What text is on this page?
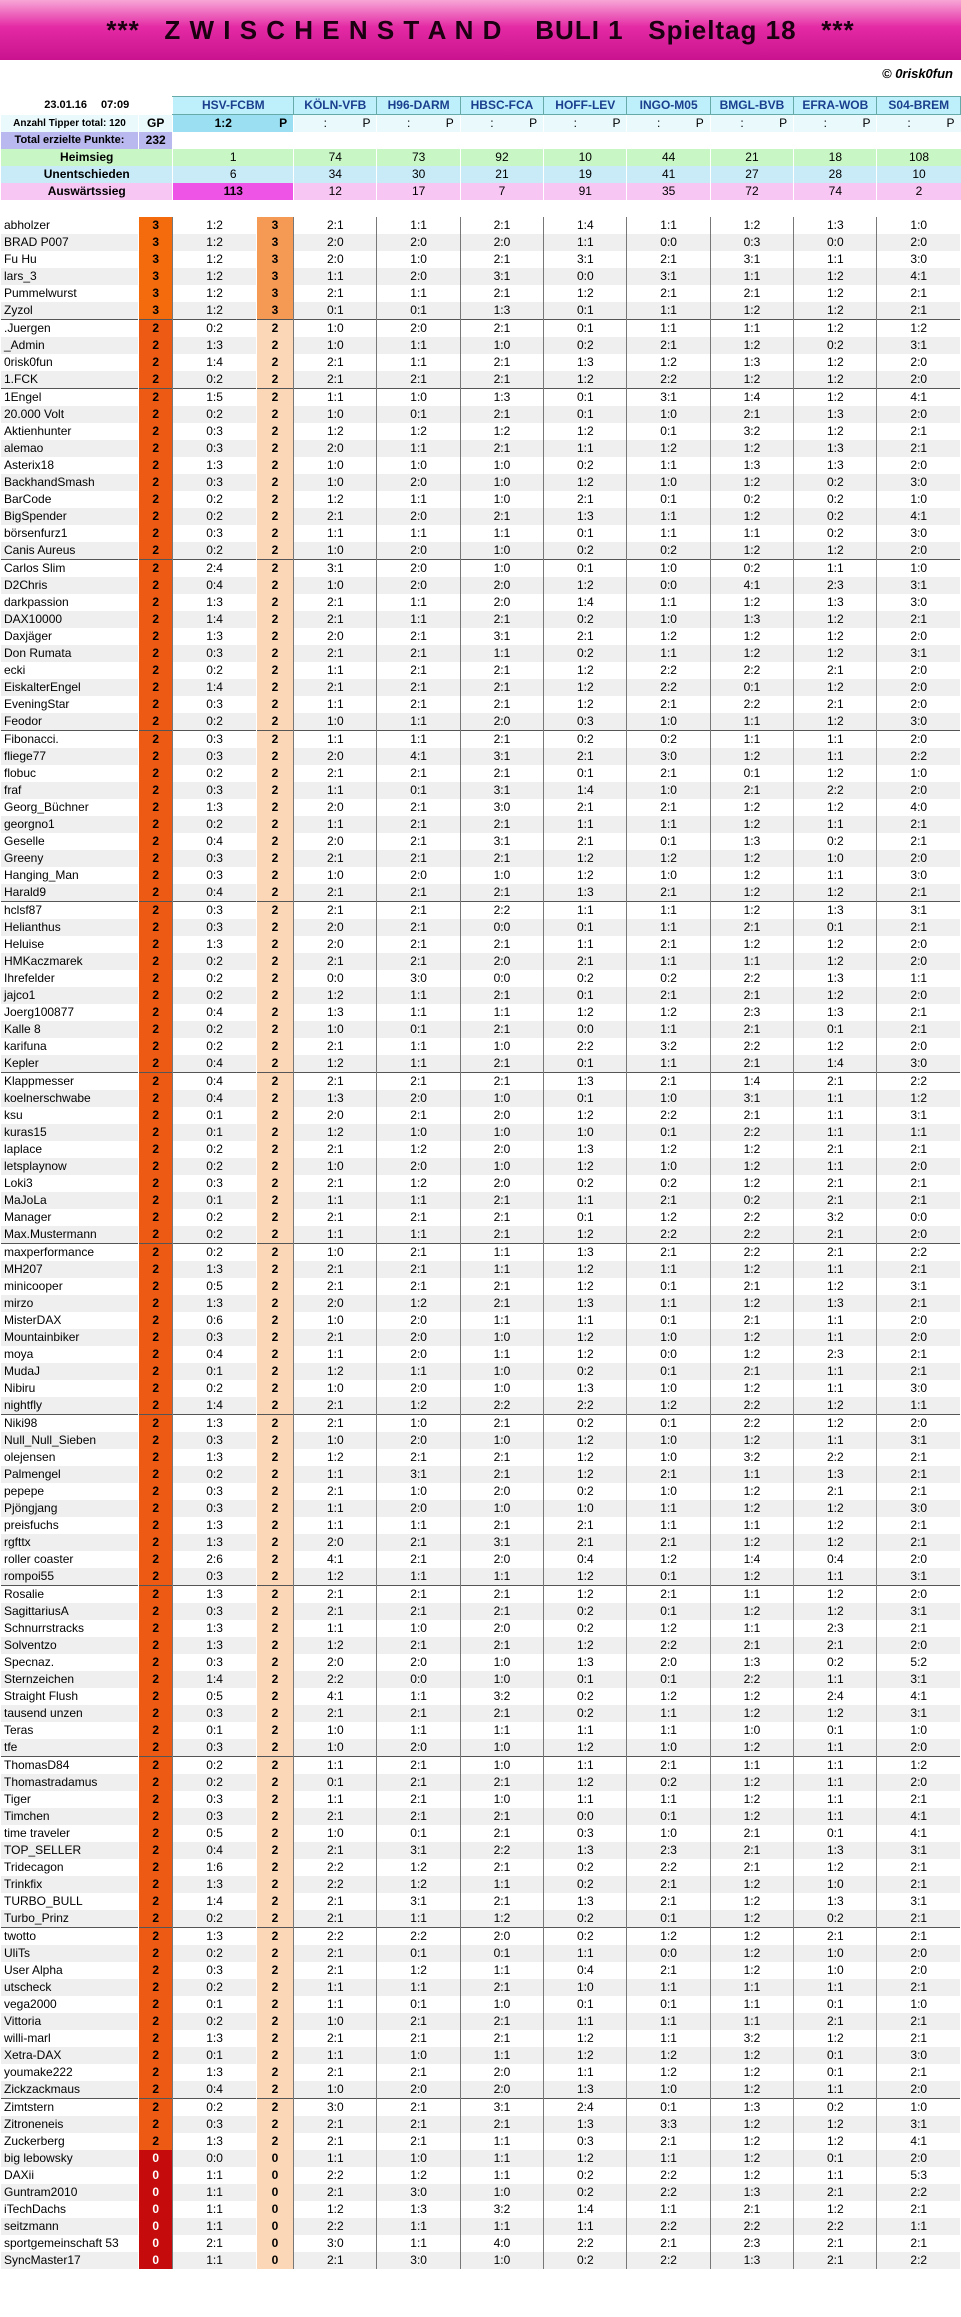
***   Z W I S C H E N S T A N D    BULI 1   Spieltag 18   ***
© 0risk0fun
23.01.16 07:09		HSV-FCBM		KÖLN-VFB	H96-DARM	HBSC-FCA	HOFF-LEV	INGO-M05	BMGL-BVB	EFRA-WOB	S04-BREM	
Anzahl Tipper total: 120	GP	1:2 P		: P	: P	: P	: P	: P	: P	: P	: P	

Total erzielte Punkte:	232											
Heimsieg		1		74	73	92	10	44	21	18	108	
Unentschieden		6		34	30	21	19	41	27	28	10	
Auswärtssieg		113		12	17	7	91	35	72	74	2	

abholzer	3	1:2	3	2:1		1:1		2:1		1:4		1:1		1:2		1:3		1:0	
BRAD P007	3	1:2	3	2:0		2:0		2:0		1:1		0:0		0:3		0:0		2:0	
Fu Hu	3	1:2	3	2:0		1:0		2:1		3:1		2:1		3:1		1:1		3:0	
lars_3	3	1:2	3	1:1		2:0		3:1		0:0		3:1		1:1		1:2		4:1	
Pummelwurst	3	1:2	3	2:1		1:1		2:1		1:2		2:1		2:1		1:2		2:1	
Zyzol	3	1:2	3	0:1		0:1		1:3		0:1		1:1		1:2		1:2		2:1	
.Juergen	2	0:2	2	1:0		2:0		2:1		0:1		1:1		1:1		1:2		1:2	
_Admin	2	1:3	2	1:0		1:1		1:0		0:2		2:1		1:2		0:2		3:1	
0risk0fun	2	1:4	2	2:1		1:1		2:1		1:3		1:2		1:3		1:2		2:0	
1.FCK	2	0:2	2	2:1		2:1		2:1		1:2		2:2		1:2		1:2		2:0	
1Engel	2	1:5	2	1:1		1:0		1:3		0:1		3:1		1:4		1:2		4:1	
20.000 Volt	2	0:2	2	1:0		0:1		2:1		0:1		1:0		2:1		1:3		2:0	
Aktienhunter	2	0:3	2	1:2		1:2		1:2		1:2		0:1		3:2		1:2		2:1	
alemao	2	0:3	2	2:0		1:1		2:1		1:1		1:2		1:2		1:3		2:1	
Asterix18	2	1:3	2	1:0		1:0		1:0		0:2		1:1		1:3		1:3		2:0	
BackhandSmash	2	0:3	2	1:0		2:0		1:0		1:2		1:0		1:2		0:2		3:0	
BarCode	2	0:2	2	1:2		1:1		1:0		2:1		0:1		0:2		0:2		1:0	
BigSpender	2	0:2	2	2:1		2:0		2:1		1:3		1:1		1:2		0:2		4:1	
börsenfurz1	2	0:3	2	1:1		1:1		1:1		0:1		1:1		1:1		0:2		3:0	
Canis Aureus	2	0:2	2	1:0		2:0		1:0		0:2		0:2		1:2		1:2		2:0	
Carlos Slim	2	2:4	2	3:1		2:0		1:0		0:1		1:0		0:2		1:1		1:0	
D2Chris	2	0:4	2	1:0		2:0		2:0		1:2		0:0		4:1		2:3		3:1	
darkpassion	2	1:3	2	2:1		1:1		2:0		1:4		1:1		1:2		1:3		3:0	
DAX10000	2	1:4	2	2:1		1:1		2:1		0:2		1:0		1:3		1:2		2:1	
Daxjäger	2	1:3	2	2:0		2:1		3:1		2:1		1:2		1:2		1:2		2:0	
Don Rumata	2	0:3	2	2:1		2:1		1:1		0:2		1:1		1:2		1:2		3:1	
ecki	2	0:2	2	1:1		2:1		2:1		1:2		2:2		2:2		2:1		2:0	
EiskalterEngel	2	1:4	2	2:1		2:1		2:1		1:2		2:2		0:1		1:2		2:0	
EveningStar	2	0:3	2	1:1		2:1		2:1		1:2		2:1		2:2		2:1		2:0	
Feodor	2	0:2	2	1:0		1:1		2:0		0:3		1:0		1:1		1:2		3:0	
Fibonacci.	2	0:3	2	1:1		1:1		2:1		0:2		0:2		1:1		1:1		2:0	
fliege77	2	0:3	2	2:0		4:1		3:1		2:1		3:0		1:2		1:1		2:2	
flobuc	2	0:2	2	2:1		2:1		2:1		0:1		2:1		0:1		1:2		1:0	
fraf	2	0:3	2	1:1		0:1		3:1		1:4		1:0		2:1		2:2		2:0	
Georg_Büchner	2	1:3	2	2:0		2:1		3:0		2:1		2:1		1:2		1:2		4:0	
georgno1	2	0:2	2	1:1		2:1		2:1		1:1		1:1		1:2		1:1		2:1	
Geselle	2	0:4	2	2:0		2:1		3:1		2:1		0:1		1:3		0:2		2:1	
Greeny	2	0:3	2	2:1		2:1		2:1		1:2		1:2		1:2		1:0		2:0	
Hanging_Man	2	0:3	2	1:0		2:0		1:0		1:2		1:0		1:2		1:1		3:0	
Harald9	2	0:4	2	2:1		2:1		2:1		1:3		2:1		1:2		1:2		2:1	
hclsf87	2	0:3	2	2:1		2:1		2:2		1:1		1:1		1:2		1:3		3:1	
Helianthus	2	0:3	2	2:0		2:1		0:0		0:1		1:1		2:1		0:1		2:1	
Heluise	2	1:3	2	2:0		2:1		2:1		1:1		2:1		1:2		1:2		2:0	
HMKaczmarek	2	0:2	2	2:1		2:1		2:0		2:1		1:1		1:1		1:2		2:0	
Ihrefelder	2	0:2	2	0:0		3:0		0:0		0:2		0:2		2:2		1:3		1:1	
jajco1	2	0:2	2	1:2		1:1		2:1		0:1		2:1		2:1		1:2		2:0	
Joerg100877	2	0:4	2	1:3		1:1		1:1		1:2		1:2		2:3		1:3		2:1	
Kalle 8	2	0:2	2	1:0		0:1		2:1		0:0		1:1		2:1		0:1		2:1	
karifuna	2	0:2	2	2:1		1:1		1:0		2:2		3:2		2:2		1:2		2:0	
Kepler	2	0:4	2	1:2		1:1		2:1		0:1		1:1		2:1		1:4		3:0	
Klappmesser	2	0:4	2	2:1		2:1		2:1		1:3		2:1		1:4		2:1		2:2	
koelnerschwabe	2	0:4	2	1:3		2:0		1:0		0:1		1:0		3:1		1:1		1:2	
ksu	2	0:1	2	2:0		2:1		2:0		1:2		2:2		2:1		1:1		3:1	
kuras15	2	0:1	2	1:2		1:0		1:0		1:0		0:1		2:2		1:1		1:1	
laplace	2	0:2	2	2:1		1:2		2:0		1:3		1:2		1:2		2:1		2:1	
letsplaynow	2	0:2	2	1:0		2:0		1:0		1:2		1:0		1:2		1:1		2:0	
Loki3	2	0:3	2	2:1		1:2		2:0		0:2		0:2		1:2		2:1		2:1	
MaJoLa	2	0:1	2	1:1		1:1		2:1		1:1		2:1		0:2		2:1		2:1	
Manager	2	0:2	2	2:1		2:1		2:1		0:1		1:2		2:2		3:2		0:0	
Max.Mustermann	2	0:2	2	1:1		1:1		2:1		1:2		2:2		2:2		2:1		2:0	
maxperformance	2	0:2	2	1:0		2:1		1:1		1:3		2:1		2:2		2:1		2:2	
MH207	2	1:3	2	2:1		2:1		1:1		1:2		1:1		1:2		1:1		2:1	
minicooper	2	0:5	2	2:1		2:1		2:1		1:2		0:1		2:1		1:2		3:1	
mirzo	2	1:3	2	2:0		1:2		2:1		1:3		1:1		1:2		1:3		2:1	
MisterDAX	2	0:6	2	1:0		2:0		1:1		1:1		0:1		2:1		1:1		2:0	
Mountainbiker	2	0:3	2	2:1		2:0		1:0		1:2		1:0		1:2		1:1		2:0	
moya	2	0:4	2	1:1		2:0		1:1		1:2		0:0		1:2		2:3		2:1	
MudaJ	2	0:1	2	1:2		1:1		1:0		0:2		0:1		2:1		1:1		2:1	
Nibiru	2	0:2	2	1:0		2:0		1:0		1:3		1:0		1:2		1:1		3:0	
nightfly	2	1:4	2	2:1		1:2		2:2		2:2		1:2		2:2		1:2		1:1	
Niki98	2	1:3	2	2:1		1:0		2:1		0:2		0:1		2:2		1:2		2:0	
Null_Null_Sieben	2	0:3	2	1:0		2:0		1:0		1:2		1:0		1:2		1:1		3:1	
olejensen	2	1:3	2	1:2		2:1		2:1		1:2		1:0		3:2		2:2		2:1	
Palmengel	2	0:2	2	1:1		3:1		2:1		1:2		2:1		1:1		1:3		2:1	
pepepe	2	0:3	2	2:1		1:0		2:0		0:2		1:0		1:2		2:1		2:1	
Pjöngjang	2	0:3	2	1:1		2:0		1:0		1:0		1:1		1:2		1:2		3:0	
preisfuchs	2	1:3	2	1:1		1:1		2:1		2:1		1:1		1:1		1:2		2:1	
rgfttx	2	1:3	2	2:0		2:1		3:1		2:1		2:1		1:2		1:2		2:1	
roller coaster	2	2:6	2	4:1		2:1		2:0		0:4		1:2		1:4		0:4		2:0	
rompoi55	2	0:3	2	1:2		1:1		1:1		1:2		0:1		1:2		1:1		3:1	
Rosalie	2	1:3	2	2:1		2:1		2:1		1:2		2:1		1:1		1:2		2:0	
SagittariusA	2	0:3	2	2:1		2:1		2:1		0:2		0:1		1:2		1:2		3:1	
Schnurrstracks	2	1:3	2	1:1		1:0		2:0		0:2		1:2		1:1		2:3		2:1	
Solventzo	2	1:3	2	1:2		2:1		2:1		1:2		2:2		2:1		2:1		2:0	
Specnaz.	2	0:3	2	2:0		2:0		1:0		1:3		2:0		1:3		0:2		5:2	
Sternzeichen	2	1:4	2	2:2		0:0		1:0		0:1		0:1		2:2		1:1		3:1	
Straight Flush	2	0:5	2	4:1		1:1		3:2		0:2		1:2		1:2		2:4		4:1	
tausend unzen	2	0:3	2	2:1		2:1		2:1		0:2		1:1		1:2		1:2		3:1	
Teras	2	0:1	2	1:0		1:1		1:1		1:1		1:1		1:0		0:1		1:0	
tfe	2	0:3	2	1:0		2:0		1:0		1:2		1:0		1:2		1:1		2:0	
ThomasD84	2	0:2	2	1:1		2:1		1:0		1:1		2:1		1:1		1:1		1:2	
Thomastradamus	2	0:2	2	0:1		2:1		2:1		1:2		0:2		1:2		1:1		2:0	
Tiger	2	0:3	2	1:1		2:1		1:0		1:1		1:1		1:2		1:1		2:1	
Timchen	2	0:3	2	2:1		2:1		2:1		0:0		0:1		1:2		1:1		4:1	
time traveler	2	0:5	2	1:0		0:1		2:1		0:3		1:0		2:1		0:1		4:1	
TOP_SELLER	2	0:4	2	2:1		3:1		2:2		1:3		2:3		2:1		1:3		3:1	
Tridecagon	2	1:6	2	2:2		1:2		2:1		0:2		2:2		2:1		1:2		2:1	
Trinkfix	2	1:3	2	2:2		1:2		1:1		0:2		2:1		1:2		1:0		2:1	
TURBO_BULL	2	1:4	2	2:1		3:1		2:1		1:3		2:1		1:2		1:3		3:1	
Turbo_Prinz	2	0:2	2	2:1		1:1		1:2		0:2		0:1		1:2		0:2		2:1	
twotto	2	1:3	2	2:2		2:2		2:0		0:2		1:2		1:2		2:1		2:1	
UliTs	2	0:2	2	2:1		0:1		0:1		1:1		0:0		1:2		1:0		2:0	
User Alpha	2	0:3	2	2:1		1:2		1:1		0:4		2:1		1:2		1:0		2:0	
utscheck	2	0:2	2	1:1		1:1		2:1		1:0		1:1		1:1		1:1		2:1	
vega2000	2	0:1	2	1:1		0:1		1:0		0:1		0:1		1:1		0:1		1:0	
Vittoria	2	0:2	2	1:0		2:1		2:1		1:1		1:1		1:1		2:1		2:1	
willi-marl	2	1:3	2	2:1		2:1		2:1		1:2		1:1		3:2		1:2		2:1	
Xetra-DAX	2	0:1	2	1:1		1:0		1:1		1:2		1:2		1:2		0:1		3:0	
youmake222	2	1:3	2	2:1		2:1		2:0		1:1		1:2		1:2		0:1		2:1	
Zickzackmaus	2	0:4	2	1:0		2:0		2:0		1:3		1:0		1:2		1:1		2:0	
Zimtstern	2	0:2	2	3:0		2:1		3:1		2:4		0:1		1:3		0:2		1:0	
Zitroneneis	2	0:3	2	2:1		2:1		2:1		1:3		3:3		1:2		1:2		3:1	
Zuckerberg	2	1:3	2	2:1		2:1		1:1		0:3		2:1		1:2		1:2		4:1	
big lebowsky	0	0:0	0	1:1		1:0		1:1		1:2		1:1		1:2		0:1		2:0	
DAXii	0	1:1	0	2:2		1:2		1:1		0:2		2:2		1:2		1:1		5:3	
Guntram2010	0	1:1	0	2:1		3:0		1:0		0:2		2:2		1:3		2:1		2:2	
iTechDachs	0	1:1	0	1:2		1:3		3:2		1:4		1:1		2:1		1:2		2:1	
seitzmann	0	1:1	0	2:2		1:1		1:1		1:1		2:2		2:2		2:2		1:1	
sportgemeinschaft 53	0	2:1	0	3:0		1:1		4:0		2:2		2:1		2:3		2:1		2:1	
SyncMaster17	0	1:1	0	2:1		3:0		1:0		0:2		2:2		1:3		2:1		2:2	
